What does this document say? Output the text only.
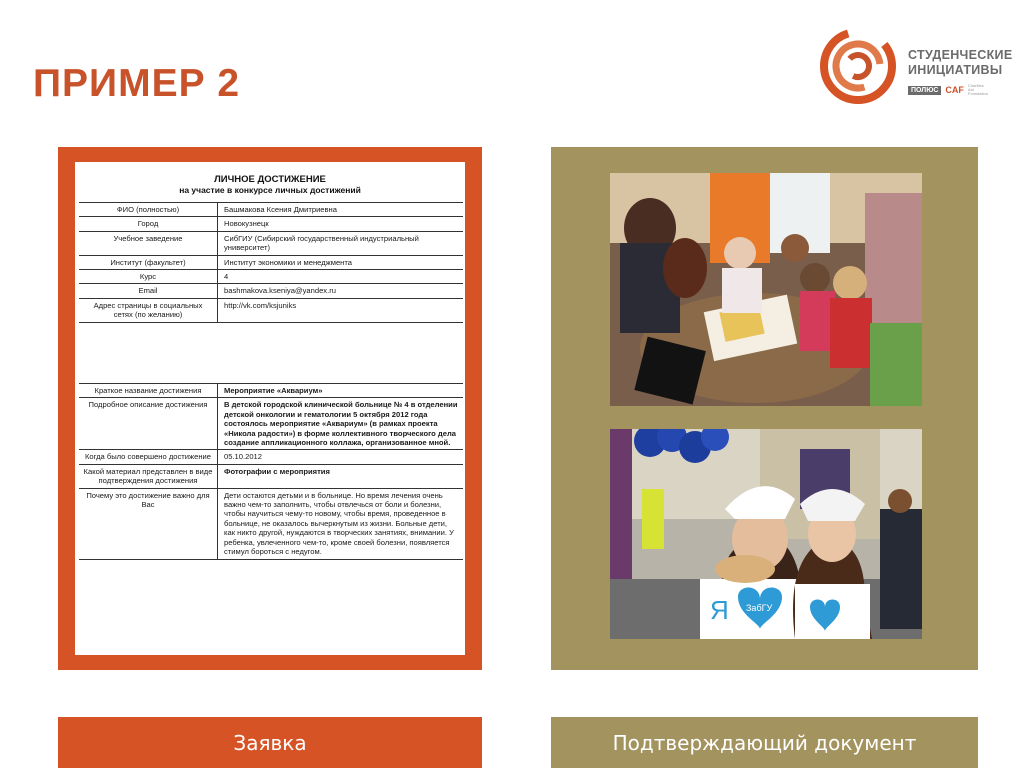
ПРИМЕР 2
СТУДЕНЧЕСКИЕ
ИНИЦИАТИВЫ
ПОЛЮС CAF Charities Aid Foundation
ЛИЧНОЕ ДОСТИЖЕНИЕ
на участие в конкурсе личных достижений
ФИО (полностью)	Башмакова Ксения Дмитриевна
Город	Новокузнецк
Учебное заведение	СибГИУ (Сибирский государственный индустриальный университет)
Институт (факультет)	Институт экономики и менеджмента
Курс	4
Email	bashmakova.kseniya@yandex.ru
Адрес страницы в социальных сетях (по желанию)	http://vk.com/ksjuniks
Краткое название достижения	Мероприятие «Аквариум»
Подробное описание достижения	В детской городской клинической больнице № 4 в отделении детской онкологии и гематологии 5 октября 2012 года состоялось мероприятие «Аквариум» (в рамках проекта «Никола радости») в форме коллективного творческого дела создание аппликационного коллажа, организованное мной.
Когда было совершено достижение	05.10.2012
Какой материал представлен в виде подтверждения достижения	Фотографии с мероприятия
Почему это достижение важно для Вас	Дети остаются детьми и в больнице. Но время лечения очень важно чем-то заполнить, чтобы отвлечься от боли и болезни, чтобы научиться чему-то новому, чтобы время, проведенное в больнице, не оказалось вычеркнутым из жизни. Больные дети, как никто другой, нуждаются в творческих занятиях, внимании. У ребенка, увлеченного чем-то, кроме своей болезни, появляется стимул бороться с недугом.
Я ЗабГУ
Заявка	Подтверждающий документ
